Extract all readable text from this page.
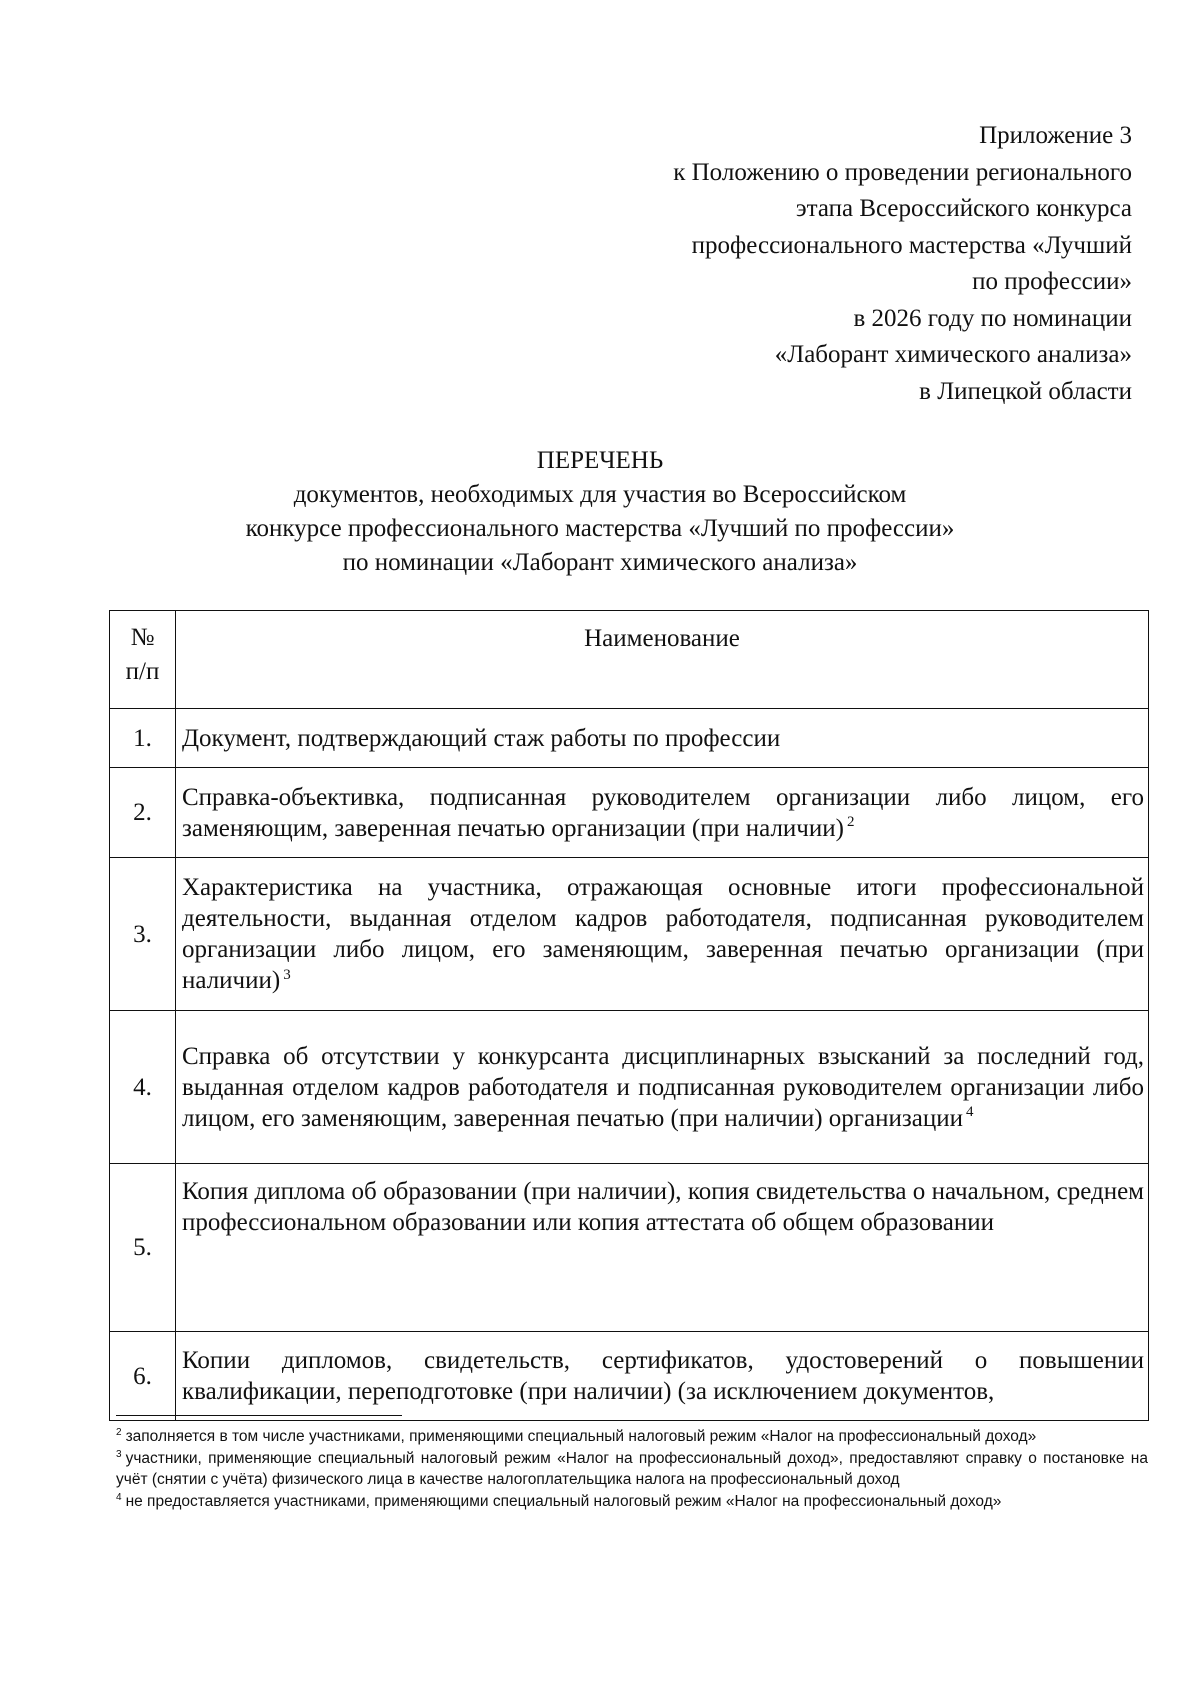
Приложение 3
к Положению о проведении регионального
этапа Всероссийского конкурса
профессионального мастерства «Лучший
по профессии»
в 2026 году по номинации
«Лаборант химического анализа»
в Липецкой области
ПЕРЕЧЕНЬ
документов, необходимых для участия во Всероссийском
конкурсе профессионального мастерства «Лучший по профессии»
по номинации «Лаборант химического анализа»
№
п/п	Наименование
1.	Документ, подтверждающий стаж работы по профессии
2.	Справка-объективка, подписанная руководителем организации либо лицом, его заменяющим, заверенная печатью организации (при наличии) $^2$
3.	Характеристика на участника, отражающая основные итоги профессиональной деятельности, выданная отделом кадров работодателя, подписанная руководителем организации либо лицом, его заменяющим, заверенная печатью организации (при наличии) $^3$
4.	Справка об отсутствии у конкурсанта дисциплинарных взысканий за последний год, выданная отделом кадров работодателя и подписанная руководителем организации либо лицом, его заменяющим, заверенная печатью (при наличии) организации $^4$
5.	Копия диплома об образовании (при наличии), копия свидетельства о начальном, среднем профессиональном образовании или копия аттестата об общем образовании
6.	Копии дипломов, свидетельств, сертификатов, удостоверений о повышении квалификации, переподготовке (при наличии) (за исключением документов,

$^2$ заполняется в том числе участниками, применяющими специальный налоговый режим «Налог на профессиональный доход»

$^3$ участники, применяющие специальный налоговый режим «Налог на профессиональный доход», предоставляют справку о постановке на учёт (снятии с учёта) физического лица в качестве налогоплательщика налога на профессиональный доход

$^4$ не предоставляется участниками, применяющими специальный налоговый режим «Налог на профессиональный доход»
